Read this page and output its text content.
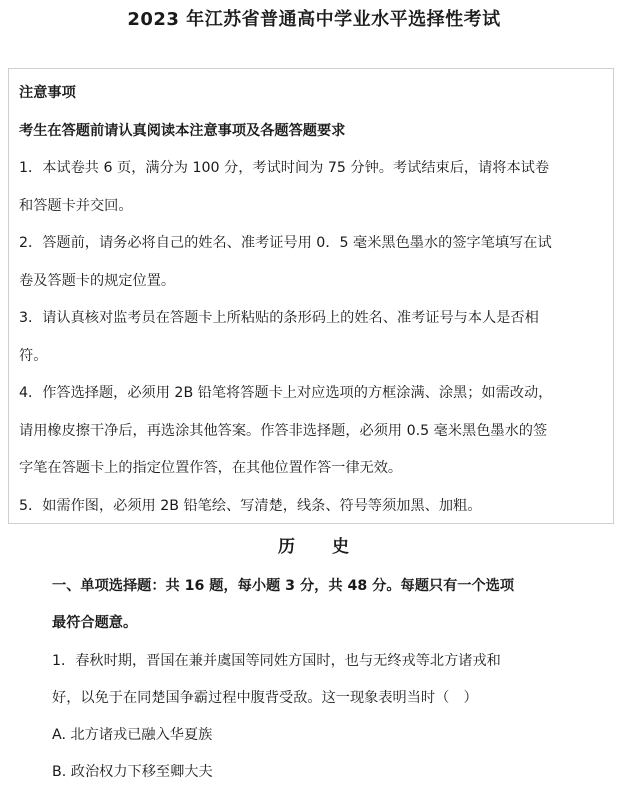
2023 年江苏省普通高中学业水平选择性考试
注意事项
考生在答题前请认真阅读本注意事项及各题答题要求
1．本试卷共 6 页，满分为 100 分，考试时间为 75 分钟。考试结束后，请将本试卷
和答题卡并交回。
2．答题前，请务必将自己的姓名、准考证号用 0．5 毫米黑色墨水的签字笔填写在试
卷及答题卡的规定位置。
3．请认真核对监考员在答题卡上所粘贴的条形码上的姓名、准考证号与本人是否相
符。
4．作答选择题，必须用 2B 铅笔将答题卡上对应选项的方框涂满、涂黑；如需改动，
请用橡皮擦干净后，再选涂其他答案。作答非选择题，必须用 0.5 毫米黑色墨水的签
字笔在答题卡上的指定位置作答，在其他位置作答一律无效。
5．如需作图，必须用 2B 铅笔绘、写清楚，线条、符号等须加黑、加粗。
历　　史
一、单项选择题：共 16 题，每小题 3 分，共 48 分。每题只有一个选项
最符合题意。
1．春秋时期，晋国在兼并虞国等同姓方国时，也与无终戎等北方诸戎和
好，以免于在同楚国争霸过程中腹背受敌。这一现象表明当时（　）
A. 北方诸戎已融入华夏族
B. 政治权力下移至卿大夫
